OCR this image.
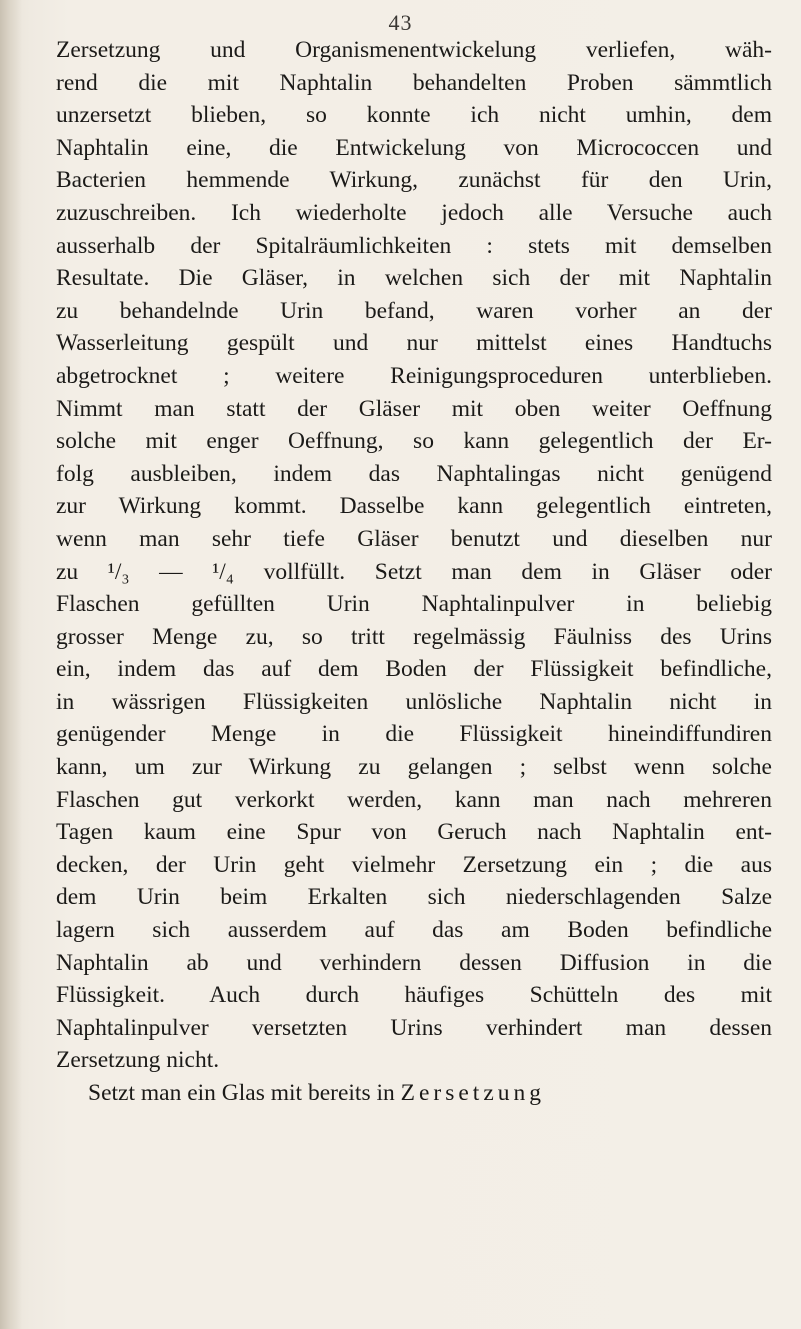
43
Zersetzung und Organismenentwickelung verliefen, wäh-
rend die mit Naphtalin behandelten Proben sämmtlich
unzersetzt blieben, so konnte ich nicht umhin, dem
Naphtalin eine, die Entwickelung von Micrococcen und
Bacterien hemmende Wirkung, zunächst für den Urin,
zuzuschreiben. Ich wiederholte jedoch alle Versuche auch
ausserhalb der Spitalräumlichkeiten : stets mit demselben
Resultate. Die Gläser, in welchen sich der mit Naphtalin
zu behandelnde Urin befand, waren vorher an der
Wasserleitung gespült und nur mittelst eines Handtuchs
abgetrocknet ; weitere Reinigungsproceduren unterblieben.
Nimmt man statt der Gläser mit oben weiter Oeffnung
solche mit enger Oeffnung, so kann gelegentlich der Er-
folg ausbleiben, indem das Naphtalingas nicht genügend
zur Wirkung kommt. Dasselbe kann gelegentlich eintreten,
wenn man sehr tiefe Gläser benutzt und dieselben nur
zu ¹/₃ — ¹/₄ vollfüllt. Setzt man dem in Gläser oder
Flaschen gefüllten Urin Naphtalinpulver in beliebig
grosser Menge zu, so tritt regelmässig Fäulniss des Urins
ein, indem das auf dem Boden der Flüssigkeit befindliche,
in wässrigen Flüssigkeiten unlösliche Naphtalin nicht in
genügender Menge in die Flüssigkeit hineindiffundiren
kann, um zur Wirkung zu gelangen ; selbst wenn solche
Flaschen gut verkorkt werden, kann man nach mehreren
Tagen kaum eine Spur von Geruch nach Naphtalin ent-
decken, der Urin geht vielmehr Zersetzung ein ; die aus
dem Urin beim Erkalten sich niederschlagenden Salze
lagern sich ausserdem auf das am Boden befindliche
Naphtalin ab und verhindern dessen Diffusion in die
Flüssigkeit. Auch durch häufiges Schütteln des mit
Naphtalinpulver versetzten Urins verhindert man dessen
Zersetzung nicht.
Setzt man ein Glas mit bereits in Zersetzung
